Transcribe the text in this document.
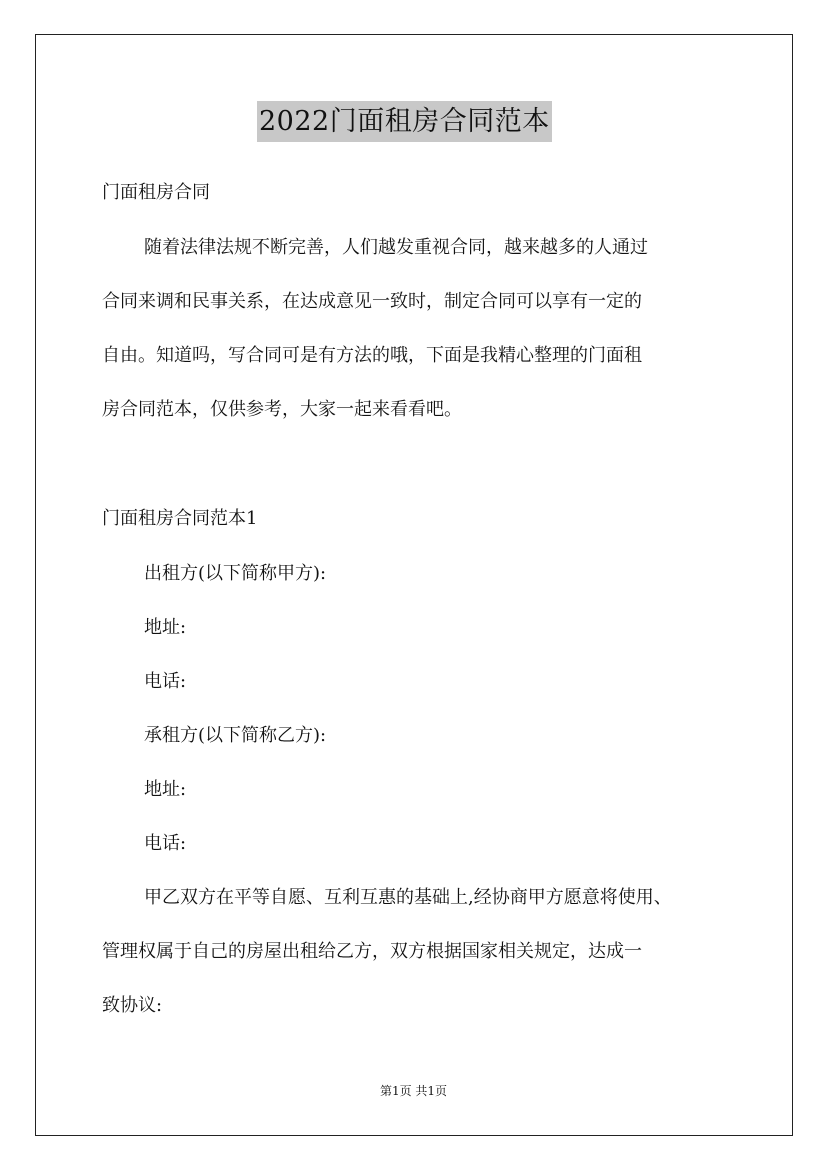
2022门面租房合同范本
门面租房合同
随着法律法规不断完善，人们越发重视合同，越来越多的人通过
合同来调和民事关系，在达成意见一致时，制定合同可以享有一定的
自由。知道吗，写合同可是有方法的哦，下面是我精心整理的门面租
房合同范本，仅供参考，大家一起来看看吧。
门面租房合同范本1
出租方(以下简称甲方):
地址:
电话:
承租方(以下简称乙方):
地址:
电话:
甲乙双方在平等自愿、互利互惠的基础上,经协商甲方愿意将使用、
管理权属于自己的房屋出租给乙方，双方根据国家相关规定，达成一
致协议:
第1页 共1页
